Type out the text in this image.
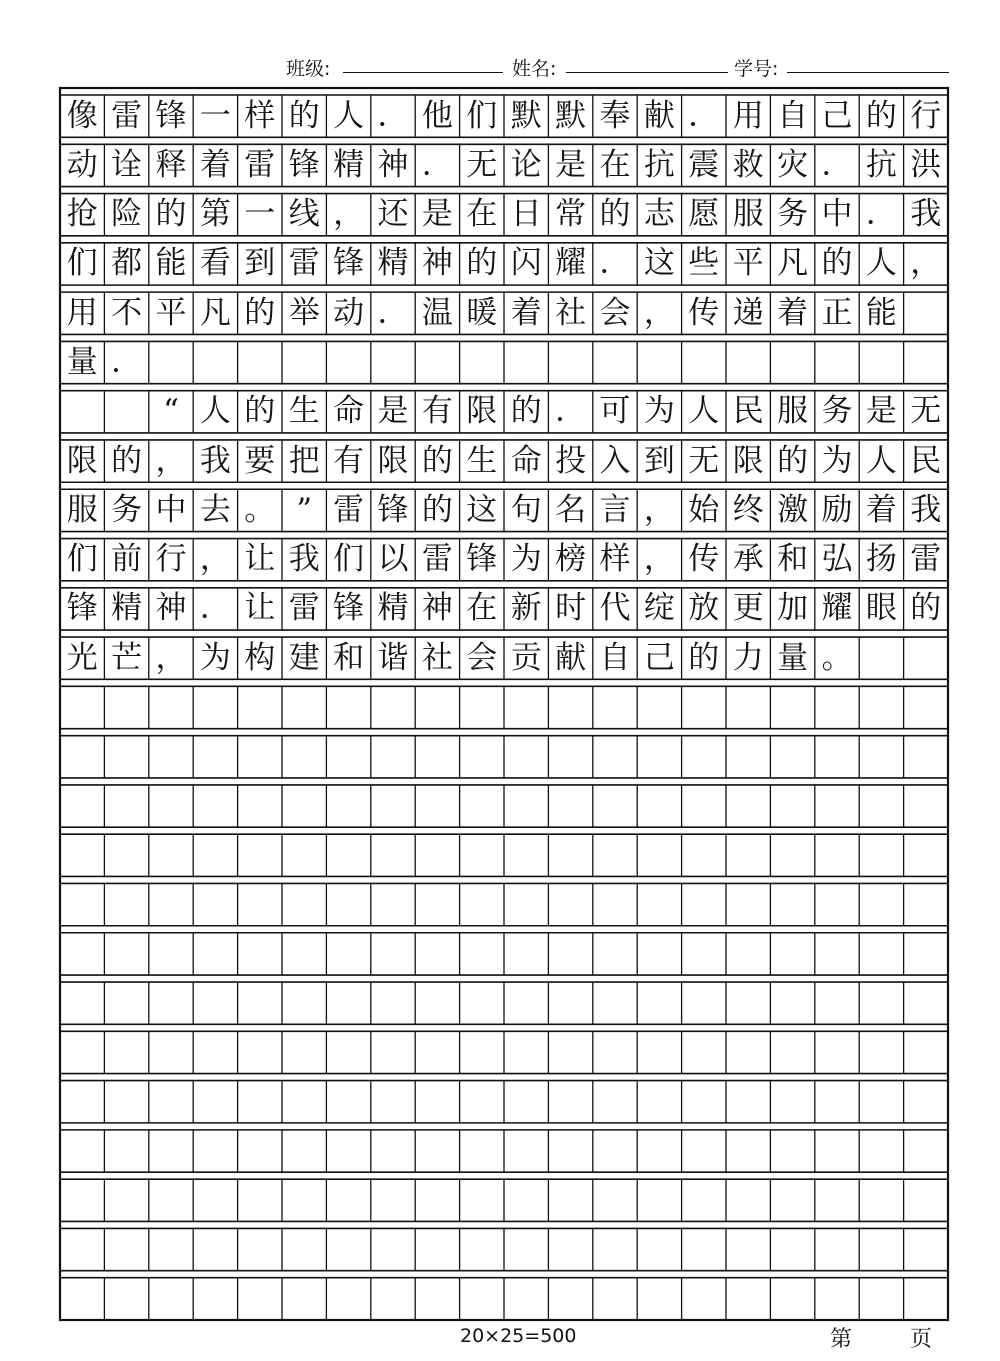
班级:	姓名:	学号:
像 雷 锋 一 样 的 人 ． 他 们 默 默 奉 献 ． 用 自 己 的 行
动 诠 释 着 雷 锋 精 神 ． 无 论 是 在 抗 震 救 灾 ． 抗 洪
抢 险 的 第 一 线 ， 还 是 在 日 常 的 志 愿 服 务 中 ． 我
们 都 能 看 到 雷 锋 精 神 的 闪 耀 ． 这 些 平 凡 的 人 ，
用 不 平 凡 的 举 动 ． 温 暖 着 社 会 ， 传 递 着 正 能
量 ．
“ 人 的 生 命 是 有 限 的 ． 可 为 人 民 服 务 是 无
限 的 ， 我 要 把 有 限 的 生 命 投 入 到 无 限 的 为 人 民
服 务 中 去 。 ” 雷 锋 的 这 句 名 言 ， 始 终 激 励 着 我
们 前 行 ， 让 我 们 以 雷 锋 为 榜 样 ， 传 承 和 弘 扬 雷
锋 精 神 ． 让 雷 锋 精 神 在 新 时 代 绽 放 更 加 耀 眼 的
光 芒 ， 为 构 建 和 谐 社 会 贡 献 自 己 的 力 量 。
20×25=500	第	页
